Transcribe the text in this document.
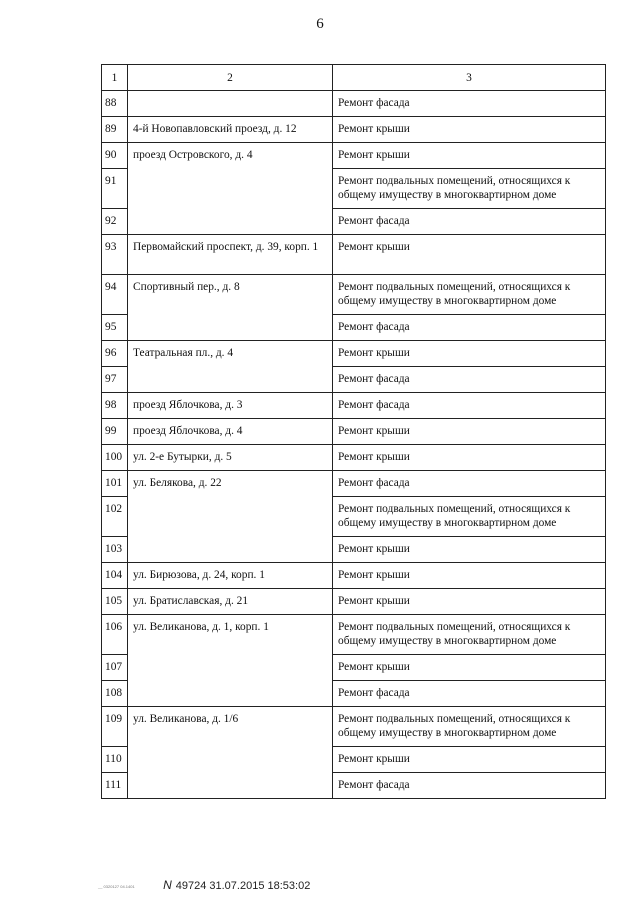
6
1	2	3
88		Ремонт фасада
89	4-й Новопавловский проезд, д. 12	Ремонт крыши
90	проезд Островского, д. 4	Ремонт крыши
91		Ремонт подвальных помещений, относящихся к общему имуществу в многоквартирном доме
92		Ремонт фасада
93	Первомайский проспект, д. 39, корп. 1	Ремонт крыши
94	Спортивный пер., д. 8	Ремонт подвальных помещений, относящихся к общему имуществу в многоквартирном доме
95		Ремонт фасада
96	Театральная пл., д. 4	Ремонт крыши
97		Ремонт фасада
98	проезд Яблочкова, д. 3	Ремонт фасада
99	проезд Яблочкова, д. 4	Ремонт крыши
100	ул. 2-е Бутырки, д. 5	Ремонт крыши
101	ул. Белякова, д. 22	Ремонт фасада
102		Ремонт подвальных помещений, относящихся к общему имуществу в многоквартирном доме
103		Ремонт крыши
104	ул. Бирюзова, д. 24, корп. 1	Ремонт крыши
105	ул. Братиславская, д. 21	Ремонт крыши
106	ул. Великанова, д. 1, корп. 1	Ремонт подвальных помещений, относящихся к общему имуществу в многоквартирном доме
107		Ремонт крыши
108		Ремонт фасада
109	ул. Великанова, д. 1/6	Ремонт подвальных помещений, относящихся к общему имуществу в многоквартирном доме
110		Ремонт крыши
111		Ремонт фасада
__ 0320127 04.1401 N 49724 31.07.2015 18:53:02
